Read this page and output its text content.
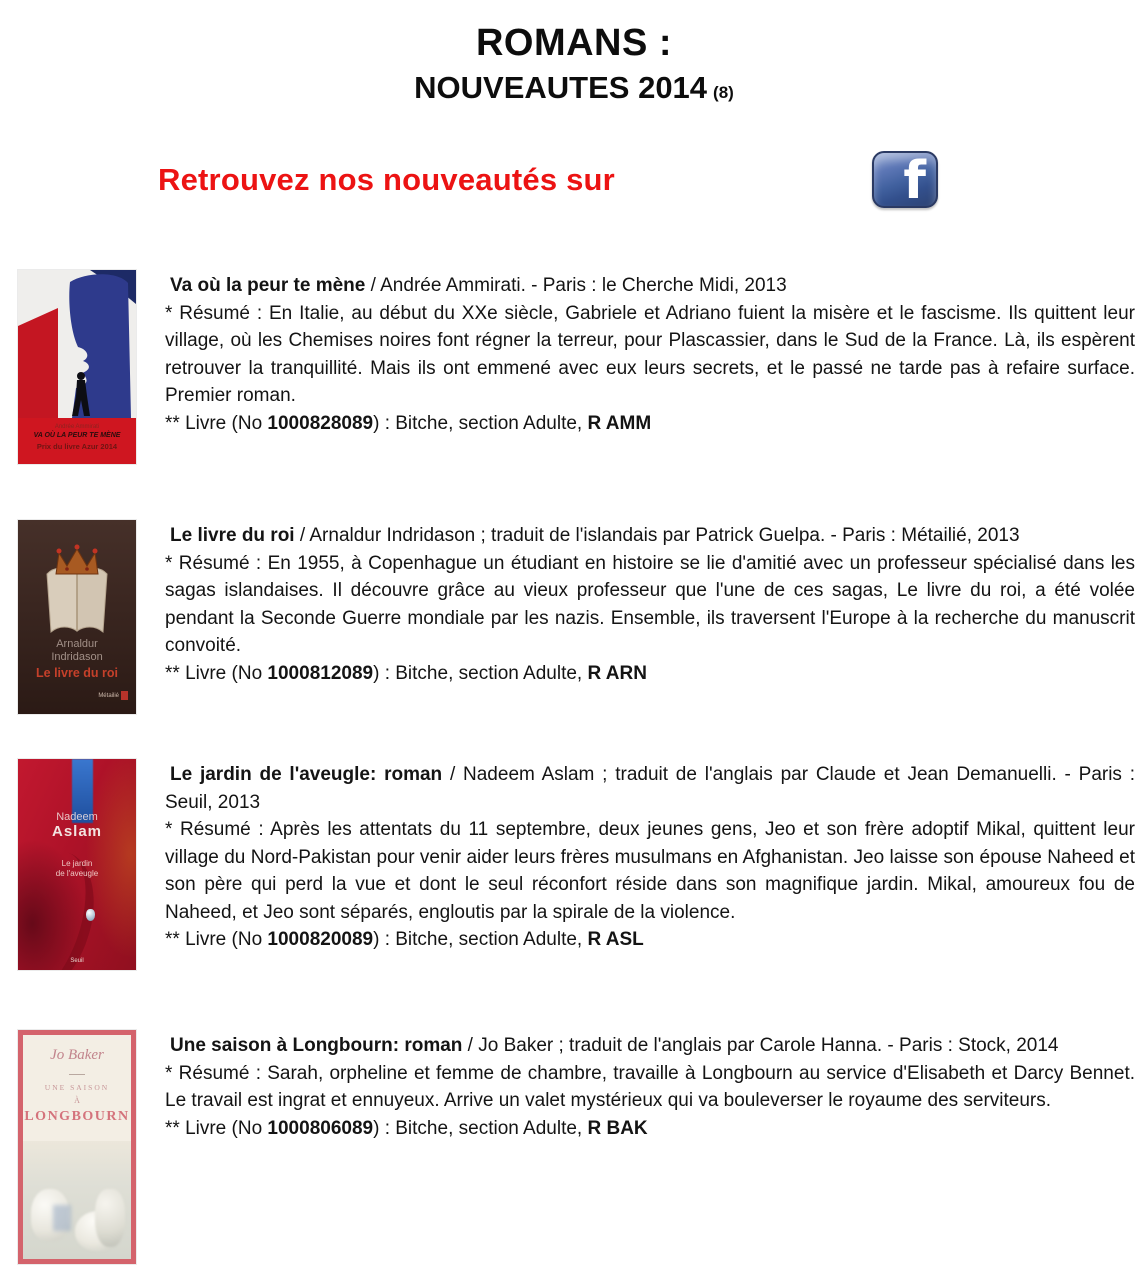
ROMANS :
NOUVEAUTES 2014 (8)
Retrouvez nos nouveautés sur	f
Andrée Ammirati
VA OÙ LA PEUR TE MÈNE
Prix du livre Azur 2014

Va où la peur te mène / Andrée Ammirati. - Paris : le Cherche Midi, 2013

* Résumé : En Italie, au début du XXe siècle, Gabriele et Adriano fuient la misère et le fascisme. Ils quittent leur village, où les Chemises noires font régner la terreur, pour Plascassier, dans le Sud de la France. Là, ils espèrent retrouver la tranquillité. Mais ils ont emmené avec eux leurs secrets, et le passé ne tarde pas à refaire surface. Premier roman.

** Livre (No 1000828089) : Bitche, section Adulte, R AMM

Arnaldur
Indridason
Le livre du roi
Métailié

Le livre du roi / Arnaldur Indridason ; traduit de l'islandais par Patrick Guelpa. - Paris : Métailié, 2013

* Résumé : En 1955, à Copenhague un étudiant en histoire se lie d'amitié avec un professeur spécialisé dans les sagas islandaises. Il découvre grâce au vieux professeur que l'une de ces sagas, Le livre du roi, a été volée pendant la Seconde Guerre mondiale par les nazis. Ensemble, ils traversent l'Europe à la recherche du manuscrit convoité.

** Livre (No 1000812089) : Bitche, section Adulte, R ARN

Nadeem
Aslam
Le jardin
de l'aveugle
Seuil

Le jardin de l'aveugle: roman / Nadeem Aslam ; traduit de l'anglais par Claude et Jean Demanuelli. - Paris : Seuil, 2013

* Résumé : Après les attentats du 11 septembre, deux jeunes gens, Jeo et son frère adoptif Mikal, quittent leur village du Nord-Pakistan pour venir aider leurs frères musulmans en Afghanistan. Jeo laisse son épouse Naheed et son père qui perd la vue et dont le seul réconfort réside dans son magnifique jardin. Mikal, amoureux fou de Naheed, et Jeo sont séparés, engloutis par la spirale de la violence.

** Livre (No 1000820089) : Bitche, section Adulte, R ASL

Jo Baker
UNE SAISON
À
LONGBOURN

Une saison à Longbourn: roman / Jo Baker ; traduit de l'anglais par Carole Hanna. - Paris : Stock, 2014

* Résumé : Sarah, orpheline et femme de chambre, travaille à Longbourn au service d'Elisabeth et Darcy Bennet. Le travail est ingrat et ennuyeux. Arrive un valet mystérieux qui va bouleverser le royaume des serviteurs.

** Livre (No 1000806089) : Bitche, section Adulte, R BAK
